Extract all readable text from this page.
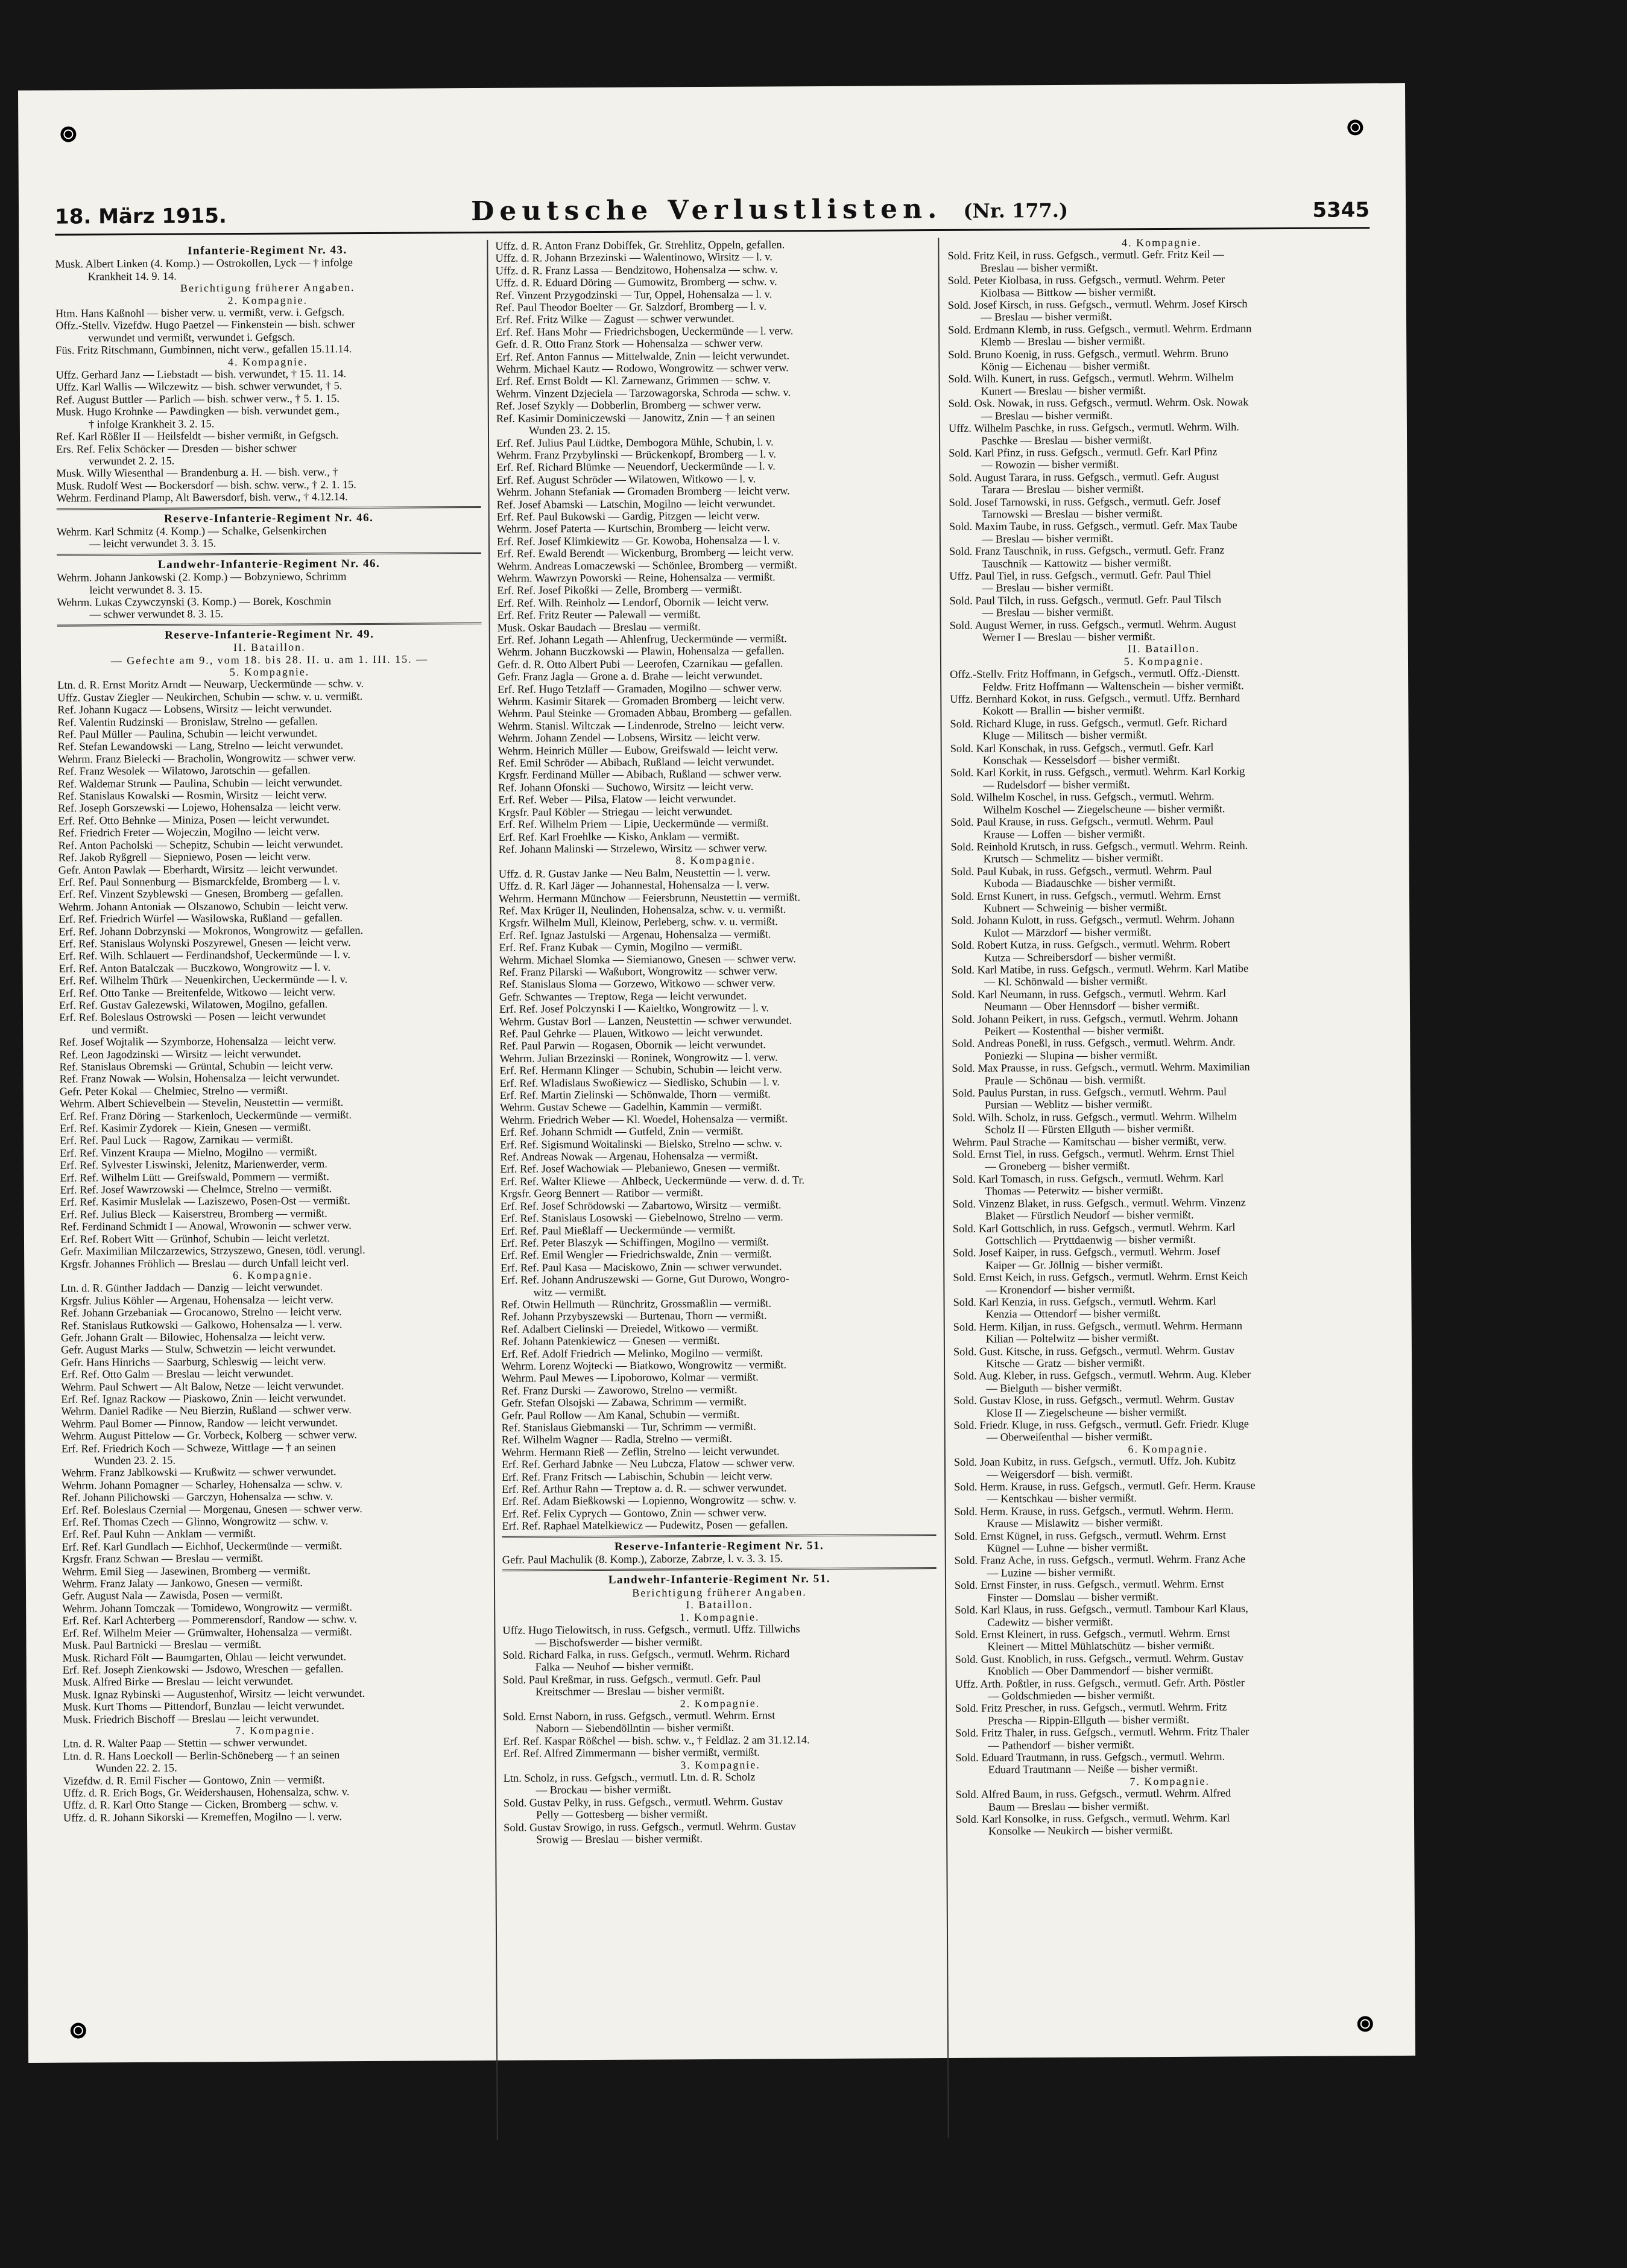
18. März 1915.	Deutsche Verlustlisten. (Nr. 177.)	5345
Infanterie-Regiment Nr. 43.
Musk. Albert Linken (4. Komp.) — Ostrokollen, Lyck — † infolge
Krankheit 14. 9. 14.
Berichtigung früherer Angaben.
2. Kompagnie.
Htm. Hans Kaßnohl — bisher verw. u. vermißt, verw. i. Gefgsch.
Offz.-Stellv. Vizefdw. Hugo Paetzel — Finkenstein — bish. schwer
verwundet und vermißt, verwundet i. Gefgsch.
Füs. Fritz Ritschmann, Gumbinnen, nicht verw., gefallen 15.11.14.
4. Kompagnie.
Uffz. Gerhard Janz — Liebstadt — bish. verwundet, † 15. 11. 14.
Uffz. Karl Wallis — Wilczewitz — bish. schwer verwundet, † 5.
Ref. August Buttler — Parlich — bish. schwer verw., † 5. 1. 15.
Musk. Hugo Krohnke — Pawdingken — bish. verwundet gem.,
† infolge Krankheit 3. 2. 15.
Ref. Karl Rößler II — Heilsfeldt — bisher vermißt, in Gefgsch.
Ers. Ref. Felix Schöcker — Dresden — bisher schwer
verwundet 2. 2. 15.
Musk. Willy Wiesenthal — Brandenburg a. H. — bish. verw., †
Musk. Rudolf West — Bockersdorf — bish. schw. verw., † 2. 1. 15.
Wehrm. Ferdinand Plamp, Alt Bawersdorf, bish. verw., † 4.12.14.
Reserve-Infanterie-Regiment Nr. 46.
Wehrm. Karl Schmitz (4. Komp.) — Schalke, Gelsenkirchen
— leicht verwundet 3. 3. 15.
Landwehr-Infanterie-Regiment Nr. 46.
Wehrm. Johann Jankowski (2. Komp.) — Bobzyniewo, Schrimm
leicht verwundet 8. 3. 15.
Wehrm. Lukas Czywczynski (3. Komp.) — Borek, Koschmin
— schwer verwundet 8. 3. 15.
Reserve-Infanterie-Regiment Nr. 49.
II. Bataillon.
— Gefechte am 9., vom 18. bis 28. II. u. am 1. III. 15. —
5. Kompagnie.
Ltn. d. R. Ernst Moritz Arndt — Neuwarp, Ueckermünde — schw. v.
Uffz. Gustav Ziegler — Neukirchen, Schubin — schw. v. u. vermißt.
Ref. Johann Kugacz — Lobsens, Wirsitz — leicht verwundet.
Ref. Valentin Rudzinski — Bronislaw, Strelno — gefallen.
Ref. Paul Müller — Paulina, Schubin — leicht verwundet.
Ref. Stefan Lewandowski — Lang, Strelno — leicht verwundet.
Wehrm. Franz Bielecki — Bracholin, Wongrowitz — schwer verw.
Ref. Franz Wesolek — Wilatowo, Jarotschin — gefallen.
Ref. Waldemar Strunk — Paulina, Schubin — leicht verwundet.
Ref. Stanislaus Kowalski — Rosmin, Wirsitz — leicht verw.
Ref. Joseph Gorszewski — Lojewo, Hohensalza — leicht verw.
Erf. Ref. Otto Behnke — Miniza, Posen — leicht verwundet.
Ref. Friedrich Freter — Wojeczin, Mogilno — leicht verw.
Ref. Anton Pacholski — Schepitz, Schubin — leicht verwundet.
Ref. Jakob Ryßgrell — Siepniewo, Posen — leicht verw.
Gefr. Anton Pawlak — Eberhardt, Wirsitz — leicht verwundet.
Erf. Ref. Paul Sonnenburg — Bismarckfelde, Bromberg — l. v.
Erf. Ref. Vinzent Szyblewski — Gnesen, Bromberg — gefallen.
Wehrm. Johann Antoniak — Olszanowo, Schubin — leicht verw.
Erf. Ref. Friedrich Würfel — Wasilowska, Rußland — gefallen.
Erf. Ref. Johann Dobrzynski — Mokronos, Wongrowitz — gefallen.
Erf. Ref. Stanislaus Wolynski Poszyrewel, Gnesen — leicht verw.
Erf. Ref. Wilh. Schlauert — Ferdinandshof, Ueckermünde — l. v.
Erf. Ref. Anton Batalczak — Buczkowo, Wongrowitz — l. v.
Erf. Ref. Wilhelm Thürk — Neuenkirchen, Ueckermünde — l. v.
Erf. Ref. Otto Tanke — Breitenfelde, Witkowo — leicht verw.
Erf. Ref. Gustav Galezewski, Wilatowen, Mogilno, gefallen.
Erf. Ref. Boleslaus Ostrowski — Posen — leicht verwundet
und vermißt.
Ref. Josef Wojtalik — Szymborze, Hohensalza — leicht verw.
Ref. Leon Jagodzinski — Wirsitz — leicht verwundet.
Ref. Stanislaus Obremski — Grüntal, Schubin — leicht verw.
Ref. Franz Nowak — Wolsin, Hohensalza — leicht verwundet.
Gefr. Peter Kokal — Chelmiec, Strelno — vermißt.
Wehrm. Albert Schievelbein — Stevelin, Neustettin — vermißt.
Erf. Ref. Franz Döring — Starkenloch, Ueckermünde — vermißt.
Erf. Ref. Kasimir Zydorek — Kiein, Gnesen — vermißt.
Erf. Ref. Paul Luck — Ragow, Zarnikau — vermißt.
Erf. Ref. Vinzent Kraupa — Mielno, Mogilno — vermißt.
Erf. Ref. Sylvester Liswinski, Jelenitz, Marienwerder, verm.
Erf. Ref. Wilhelm Lütt — Greifswald, Pommern — vermißt.
Erf. Ref. Josef Wawrzowski — Chelmce, Strelno — vermißt.
Erf. Ref. Kasimir Muslelak — Laziszewo, Posen-Ost — vermißt.
Erf. Ref. Julius Bleck — Kaiserstreu, Bromberg — vermißt.
Ref. Ferdinand Schmidt I — Anowal, Wrowonin — schwer verw.
Erf. Ref. Robert Witt — Grünhof, Schubin — leicht verletzt.
Gefr. Maximilian Milczarzewics, Strzyszewo, Gnesen, tödl. verungl.
Krgsfr. Johannes Fröhlich — Breslau — durch Unfall leicht verl.
6. Kompagnie.
Ltn. d. R. Günther Jaddach — Danzig — leicht verwundet.
Krgsfr. Julius Köhler — Argenau, Hohensalza — leicht verw.
Ref. Johann Grzebaniak — Grocanowo, Strelno — leicht verw.
Ref. Stanislaus Rutkowski — Galkowo, Hohensalza — l. verw.
Gefr. Johann Gralt — Bilowiec, Hohensalza — leicht verw.
Gefr. August Marks — Stulw, Schwetzin — leicht verwundet.
Gefr. Hans Hinrichs — Saarburg, Schleswig — leicht verw.
Erf. Ref. Otto Galm — Breslau — leicht verwundet.
Wehrm. Paul Schwert — Alt Balow, Netze — leicht verwundet.
Erf. Ref. Ignaz Rackow — Piaskowo, Znin — leicht verwundet.
Wehrm. Daniel Radike — Neu Bierzin, Rußland — schwer verw.
Wehrm. Paul Bomer — Pinnow, Randow — leicht verwundet.
Wehrm. August Pittelow — Gr. Vorbeck, Kolberg — schwer verw.
Erf. Ref. Friedrich Koch — Schweze, Wittlage — † an seinen
Wunden 23. 2. 15.
Wehrm. Franz Jablkowski — Krußwitz — schwer verwundet.
Wehrm. Johann Pomagner — Scharley, Hohensalza — schw. v.
Ref. Johann Pilichowski — Garczyn, Hohensalza — schw. v.
Erf. Ref. Boleslaus Czernial — Morgenau, Gnesen — schwer verw.
Erf. Ref. Thomas Czech — Glinno, Wongrowitz — schw. v.
Erf. Ref. Paul Kuhn — Anklam — vermißt.
Erf. Ref. Karl Gundlach — Eichhof, Ueckermünde — vermißt.
Krgsfr. Franz Schwan — Breslau — vermißt.
Wehrm. Emil Sieg — Jasewinen, Bromberg — vermißt.
Wehrm. Franz Jalaty — Jankowo, Gnesen — vermißt.
Gefr. August Nala — Zawisda, Posen — vermißt.
Wehrm. Johann Tomczak — Tomidewo, Wongrowitz — vermißt.
Erf. Ref. Karl Achterberg — Pommerensdorf, Randow — schw. v.
Erf. Ref. Wilhelm Meier — Grümwalter, Hohensalza — vermißt.
Musk. Paul Bartnicki — Breslau — vermißt.
Musk. Richard Fölt — Baumgarten, Ohlau — leicht verwundet.
Erf. Ref. Joseph Zienkowski — Jsdowo, Wreschen — gefallen.
Musk. Alfred Birke — Breslau — leicht verwundet.
Musk. Ignaz Rybinski — Augustenhof, Wirsitz — leicht verwundet.
Musk. Kurt Thoms — Pittendorf, Bunzlau — leicht verwundet.
Musk. Friedrich Bischoff — Breslau — leicht verwundet.
7. Kompagnie.
Ltn. d. R. Walter Paap — Stettin — schwer verwundet.
Ltn. d. R. Hans Loeckoll — Berlin-Schöneberg — † an seinen
Wunden 22. 2. 15.
Vizefdw. d. R. Emil Fischer — Gontowo, Znin — vermißt.
Uffz. d. R. Erich Bogs, Gr. Weidershausen, Hohensalza, schw. v.
Uffz. d. R. Karl Otto Stange — Cicken, Bromberg — schw. v.
Uffz. d. R. Johann Sikorski — Kremeffen, Mogilno — l. verw.
Uffz. d. R. Anton Franz Dobiffek, Gr. Strehlitz, Oppeln, gefallen.
Uffz. d. R. Johann Brzezinski — Walentinowo, Wirsitz — l. v.
Uffz. d. R. Franz Lassa — Bendzitowo, Hohensalza — schw. v.
Uffz. d. R. Eduard Döring — Gumowitz, Bromberg — schw. v.
Ref. Vinzent Przygodzinski — Tur, Oppel, Hohensalza — l. v.
Ref. Paul Theodor Boelter — Gr. Salzdorf, Bromberg — l. v.
Erf. Ref. Fritz Wilke — Zagust — schwer verwundet.
Erf. Ref. Hans Mohr — Friedrichsbogen, Ueckermünde — l. verw.
Gefr. d. R. Otto Franz Stork — Hohensalza — schwer verw.
Erf. Ref. Anton Fannus — Mittelwalde, Znin — leicht verwundet.
Wehrm. Michael Kautz — Rodowo, Wongrowitz — schwer verw.
Erf. Ref. Ernst Boldt — Kl. Zarnewanz, Grimmen — schw. v.
Wehrm. Vinzent Dzjeciela — Tarzowagorska, Schroda — schw. v.
Ref. Josef Szykly — Dobberlin, Bromberg — schwer verw.
Ref. Kasimir Dominiczewski — Janowitz, Znin — † an seinen
Wunden 23. 2. 15.
Erf. Ref. Julius Paul Lüdtke, Dembogora Mühle, Schubin, l. v.
Wehrm. Franz Przybylinski — Brückenkopf, Bromberg — l. v.
Erf. Ref. Richard Blümke — Neuendorf, Ueckermünde — l. v.
Erf. Ref. August Schröder — Wilatowen, Witkowo — l. v.
Wehrm. Johann Stefaniak — Gromaden Bromberg — leicht verw.
Ref. Josef Abamski — Latschin, Mogilno — leicht verwundet.
Erf. Ref. Paul Bukowski — Gardig, Pitzgen — leicht verw.
Wehrm. Josef Paterta — Kurtschin, Bromberg — leicht verw.
Erf. Ref. Josef Klimkiewitz — Gr. Kowoba, Hohensalza — l. v.
Erf. Ref. Ewald Berendt — Wickenburg, Bromberg — leicht verw.
Wehrm. Andreas Lomaczewski — Schönlee, Bromberg — vermißt.
Wehrm. Wawrzyn Poworski — Reine, Hohensalza — vermißt.
Erf. Ref. Josef Pikoßki — Zelle, Bromberg — vermißt.
Erf. Ref. Wilh. Reinholz — Lendorf, Obornik — leicht verw.
Erf. Ref. Fritz Reuter — Palewall — vermißt.
Musk. Oskar Baudach — Breslau — vermißt.
Erf. Ref. Johann Legath — Ahlenfrug, Ueckermünde — vermißt.
Wehrm. Johann Buczkowski — Plawin, Hohensalza — gefallen.
Gefr. d. R. Otto Albert Pubi — Leerofen, Czarnikau — gefallen.
Gefr. Franz Jagla — Grone a. d. Brahe — leicht verwundet.
Erf. Ref. Hugo Tetzlaff — Gramaden, Mogilno — schwer verw.
Wehrm. Kasimir Sitarek — Gromaden Bromberg — leicht verw.
Wehrm. Paul Steinke — Gromaden Abbau, Bromberg — gefallen.
Wehrm. Stanisl. Wiltczak — Lindenrode, Strelno — leicht verw.
Wehrm. Johann Zendel — Lobsens, Wirsitz — leicht verw.
Wehrm. Heinrich Müller — Eubow, Greifswald — leicht verw.
Ref. Emil Schröder — Abibach, Rußland — leicht verwundet.
Krgsfr. Ferdinand Müller — Abibach, Rußland — schwer verw.
Ref. Johann Ofonski — Suchowo, Wirsitz — leicht verw.
Erf. Ref. Weber — Pilsa, Flatow — leicht verwundet.
Krgsfr. Paul Köbler — Striegau — leicht verwundet.
Erf. Ref. Wilhelm Priem — Lipie, Ueckermünde — vermißt.
Erf. Ref. Karl Froehlke — Kisko, Anklam — vermißt.
Ref. Johann Malinski — Strzelewo, Wirsitz — schwer verw.
8. Kompagnie.
Uffz. d. R. Gustav Janke — Neu Balm, Neustettin — l. verw.
Uffz. d. R. Karl Jäger — Johannestal, Hohensalza — l. verw.
Wehrm. Hermann Münchow — Feiersbrunn, Neustettin — vermißt.
Ref. Max Krüger II, Neulinden, Hohensalza, schw. v. u. vermißt.
Krgsfr. Wilhelm Mull, Kleinow, Perleberg, schw. v. u. vermißt.
Erf. Ref. Ignaz Jastulski — Argenau, Hohensalza — vermißt.
Erf. Ref. Franz Kubak — Cymin, Mogilno — vermißt.
Wehrm. Michael Slomka — Siemianowo, Gnesen — schwer verw.
Ref. Franz Pilarski — Waßubort, Wongrowitz — schwer verw.
Ref. Stanislaus Sloma — Gorzewo, Witkowo — schwer verw.
Gefr. Schwantes — Treptow, Rega — leicht verwundet.
Erf. Ref. Josef Polczynski I — Kaieltko, Wongrowitz — l. v.
Wehrm. Gustav Borl — Lanzen, Neustettin — schwer verwundet.
Ref. Paul Gehrke — Plauen, Witkowo — leicht verwundet.
Ref. Paul Parwin — Rogasen, Obornik — leicht verwundet.
Wehrm. Julian Brzezinski — Roninek, Wongrowitz — l. verw.
Erf. Ref. Hermann Klinger — Schubin, Schubin — leicht verw.
Erf. Ref. Wladislaus Swoßiewicz — Siedlisko, Schubin — l. v.
Erf. Ref. Martin Zielinski — Schönwalde, Thorn — vermißt.
Wehrm. Gustav Schewe — Gadelhin, Kammin — vermißt.
Wehrm. Friedrich Weber — Kl. Woedel, Hohensalza — vermißt.
Erf. Ref. Johann Schmidt — Gutfeld, Znin — vermißt.
Erf. Ref. Sigismund Woitalinski — Bielsko, Strelno — schw. v.
Ref. Andreas Nowak — Argenau, Hohensalza — vermißt.
Erf. Ref. Josef Wachowiak — Plebaniewo, Gnesen — vermißt.
Erf. Ref. Walter Kliewe — Ahlbeck, Ueckermünde — verw. d. d. Tr.
Krgsfr. Georg Bennert — Ratibor — vermißt.
Erf. Ref. Josef Schrödowski — Zabartowo, Wirsitz — vermißt.
Erf. Ref. Stanislaus Losowski — Giebelnowo, Strelno — verm.
Erf. Ref. Paul Mießlaff — Ueckermünde — vermißt.
Erf. Ref. Peter Blaszyk — Schiffingen, Mogilno — vermißt.
Erf. Ref. Emil Wengler — Friedrichswalde, Znin — vermißt.
Erf. Ref. Paul Kasa — Maciskowo, Znin — schwer verwundet.
Erf. Ref. Johann Andruszewski — Gorne, Gut Durowo, Wongro-
witz — vermißt.
Ref. Otwin Hellmuth — Rünchritz, Grossmaßlin — vermißt.
Ref. Johann Przybyszewski — Burtenau, Thorn — vermißt.
Ref. Adalbert Cielinski — Dreiedel, Witkowo — vermißt.
Ref. Johann Patenkiewicz — Gnesen — vermißt.
Erf. Ref. Adolf Friedrich — Melinko, Mogilno — vermißt.
Wehrm. Lorenz Wojtecki — Biatkowo, Wongrowitz — vermißt.
Wehrm. Paul Mewes — Lipoborowo, Kolmar — vermißt.
Ref. Franz Durski — Zaworowo, Strelno — vermißt.
Gefr. Stefan Olsojski — Zabawa, Schrimm — vermißt.
Gefr. Paul Rollow — Am Kanal, Schubin — vermißt.
Ref. Stanislaus Giebmanski — Tur, Schrimm — vermißt.
Ref. Wilhelm Wagner — Radla, Strelno — vermißt.
Wehrm. Hermann Rieß — Zeflin, Strelno — leicht verwundet.
Erf. Ref. Gerhard Jabnke — Neu Lubcza, Flatow — schwer verw.
Erf. Ref. Franz Fritsch — Labischin, Schubin — leicht verw.
Erf. Ref. Arthur Rahn — Treptow a. d. R. — schwer verwundet.
Erf. Ref. Adam Bießkowski — Lopienno, Wongrowitz — schw. v.
Erf. Ref. Felix Cyprych — Gontowo, Znin — schwer verw.
Erf. Ref. Raphael Matelkiewicz — Pudewitz, Posen — gefallen.
Reserve-Infanterie-Regiment Nr. 51.
Gefr. Paul Machulik (8. Komp.), Zaborze, Zabrze, l. v. 3. 3. 15.
Landwehr-Infanterie-Regiment Nr. 51.
Berichtigung früherer Angaben.
I. Bataillon.
1. Kompagnie.
Uffz. Hugo Tielowitsch, in russ. Gefgsch., vermutl. Uffz. Tillwichs
— Bischofswerder — bisher vermißt.
Sold. Richard Falka, in russ. Gefgsch., vermutl. Wehrm. Richard
Falka — Neuhof — bisher vermißt.
Sold. Paul Kreßmar, in russ. Gefgsch., vermutl. Gefr. Paul
Kreitschmer — Breslau — bisher vermißt.
2. Kompagnie.
Sold. Ernst Naborn, in russ. Gefgsch., vermutl. Wehrm. Ernst
Naborn — Siebendöllntin — bisher vermißt.
Erf. Ref. Kaspar Rößchel — bish. schw. v., † Feldlaz. 2 am 31.12.14.
Erf. Ref. Alfred Zimmermann — bisher vermißt, vermißt.
3. Kompagnie.
Ltn. Scholz, in russ. Gefgsch., vermutl. Ltn. d. R. Scholz
— Brockau — bisher vermißt.
Sold. Gustav Pelky, in russ. Gefgsch., vermutl. Wehrm. Gustav
Pelly — Gottesberg — bisher vermißt.
Sold. Gustav Srowigo, in russ. Gefgsch., vermutl. Wehrm. Gustav
Srowig — Breslau — bisher vermißt.
4. Kompagnie.
Sold. Fritz Keil, in russ. Gefgsch., vermutl. Gefr. Fritz Keil —
Breslau — bisher vermißt.
Sold. Peter Kiolbasa, in russ. Gefgsch., vermutl. Wehrm. Peter
Kiolbasa — Bittkow — bisher vermißt.
Sold. Josef Kirsch, in russ. Gefgsch., vermutl. Wehrm. Josef Kirsch
— Breslau — bisher vermißt.
Sold. Erdmann Klemb, in russ. Gefgsch., vermutl. Wehrm. Erdmann
Klemb — Breslau — bisher vermißt.
Sold. Bruno Koenig, in russ. Gefgsch., vermutl. Wehrm. Bruno
König — Eichenau — bisher vermißt.
Sold. Wilh. Kunert, in russ. Gefgsch., vermutl. Wehrm. Wilhelm
Kunert — Breslau — bisher vermißt.
Sold. Osk. Nowak, in russ. Gefgsch., vermutl. Wehrm. Osk. Nowak
— Breslau — bisher vermißt.
Uffz. Wilhelm Paschke, in russ. Gefgsch., vermutl. Wehrm. Wilh.
Paschke — Breslau — bisher vermißt.
Sold. Karl Pfinz, in russ. Gefgsch., vermutl. Gefr. Karl Pfinz
— Rowozin — bisher vermißt.
Sold. August Tarara, in russ. Gefgsch., vermutl. Gefr. August
Tarara — Breslau — bisher vermißt.
Sold. Josef Tarnowski, in russ. Gefgsch., vermutl. Gefr. Josef
Tarnowski — Breslau — bisher vermißt.
Sold. Maxim Taube, in russ. Gefgsch., vermutl. Gefr. Max Taube
— Breslau — bisher vermißt.
Sold. Franz Tauschnik, in russ. Gefgsch., vermutl. Gefr. Franz
Tauschnik — Kattowitz — bisher vermißt.
Uffz. Paul Tiel, in russ. Gefgsch., vermutl. Gefr. Paul Thiel
— Breslau — bisher vermißt.
Sold. Paul Tilch, in russ. Gefgsch., vermutl. Gefr. Paul Tilsch
— Breslau — bisher vermißt.
Sold. August Werner, in russ. Gefgsch., vermutl. Wehrm. August
Werner I — Breslau — bisher vermißt.
II. Bataillon.
5. Kompagnie.
Offz.-Stellv. Fritz Hoffmann, in Gefgsch., vermutl. Offz.-Dienstt.
Feldw. Fritz Hoffmann — Waltenschein — bisher vermißt.
Uffz. Bernhard Kokot, in russ. Gefgsch., vermutl. Uffz. Bernhard
Kokott — Brallin — bisher vermißt.
Sold. Richard Kluge, in russ. Gefgsch., vermutl. Gefr. Richard
Kluge — Militsch — bisher vermißt.
Sold. Karl Konschak, in russ. Gefgsch., vermutl. Gefr. Karl
Konschak — Kesselsdorf — bisher vermißt.
Sold. Karl Korkit, in russ. Gefgsch., vermutl. Wehrm. Karl Korkig
— Rudelsdorf — bisher vermißt.
Sold. Wilhelm Koschel, in russ. Gefgsch., vermutl. Wehrm.
Wilhelm Koschel — Ziegelscheune — bisher vermißt.
Sold. Paul Krause, in russ. Gefgsch., vermutl. Wehrm. Paul
Krause — Loffen — bisher vermißt.
Sold. Reinhold Krutsch, in russ. Gefgsch., vermutl. Wehrm. Reinh.
Krutsch — Schmelitz — bisher vermißt.
Sold. Paul Kubak, in russ. Gefgsch., vermutl. Wehrm. Paul
Kuboda — Biadauschke — bisher vermißt.
Sold. Ernst Kunert, in russ. Gefgsch., vermutl. Wehrm. Ernst
Kubnert — Schweinig — bisher vermißt.
Sold. Johann Kulott, in russ. Gefgsch., vermutl. Wehrm. Johann
Kulot — Märzdorf — bisher vermißt.
Sold. Robert Kutza, in russ. Gefgsch., vermutl. Wehrm. Robert
Kutza — Schreibersdorf — bisher vermißt.
Sold. Karl Matibe, in russ. Gefgsch., vermutl. Wehrm. Karl Matibe
— Kl. Schönwald — bisher vermißt.
Sold. Karl Neumann, in russ. Gefgsch., vermutl. Wehrm. Karl
Neumann — Ober Hennsdorf — bisher vermißt.
Sold. Johann Peikert, in russ. Gefgsch., vermutl. Wehrm. Johann
Peikert — Kostenthal — bisher vermißt.
Sold. Andreas Poneßl, in russ. Gefgsch., vermutl. Wehrm. Andr.
Poniezki — Slupina — bisher vermißt.
Sold. Max Prausse, in russ. Gefgsch., vermutl. Wehrm. Maximilian
Praule — Schönau — bish. vermißt.
Sold. Paulus Purstan, in russ. Gefgsch., vermutl. Wehrm. Paul
Pursian — Weblitz — bisher vermißt.
Sold. Wilh. Scholz, in russ. Gefgsch., vermutl. Wehrm. Wilhelm
Scholz II — Fürsten Ellguth — bisher vermißt.
Wehrm. Paul Strache — Kamitschau — bisher vermißt, verw.
Sold. Ernst Tiel, in russ. Gefgsch., vermutl. Wehrm. Ernst Thiel
— Groneberg — bisher vermißt.
Sold. Karl Tomasch, in russ. Gefgsch., vermutl. Wehrm. Karl
Thomas — Peterwitz — bisher vermißt.
Sold. Vinzenz Blaket, in russ. Gefgsch., vermutl. Wehrm. Vinzenz
Blaket — Fürstlich Neudorf — bisher vermißt.
Sold. Karl Gottschlich, in russ. Gefgsch., vermutl. Wehrm. Karl
Gottschlich — Pryttdaenwig — bisher vermißt.
Sold. Josef Kaiper, in russ. Gefgsch., vermutl. Wehrm. Josef
Kaiper — Gr. Jöllnig — bisher vermißt.
Sold. Ernst Keich, in russ. Gefgsch., vermutl. Wehrm. Ernst Keich
— Kronendorf — bisher vermißt.
Sold. Karl Kenzia, in russ. Gefgsch., vermutl. Wehrm. Karl
Kenzia — Ottendorf — bisher vermißt.
Sold. Herm. Kiljan, in russ. Gefgsch., vermutl. Wehrm. Hermann
Kilian — Poltelwitz — bisher vermißt.
Sold. Gust. Kitsche, in russ. Gefgsch., vermutl. Wehrm. Gustav
Kitsche — Gratz — bisher vermißt.
Sold. Aug. Kleber, in russ. Gefgsch., vermutl. Wehrm. Aug. Kleber
— Bielguth — bisher vermißt.
Sold. Gustav Klose, in russ. Gefgsch., vermutl. Wehrm. Gustav
Klose II — Ziegelscheune — bisher vermißt.
Sold. Friedr. Kluge, in russ. Gefgsch., vermutl. Gefr. Friedr. Kluge
— Oberweiſenthal — bisher vermißt.
6. Kompagnie.
Sold. Joan Kubitz, in russ. Gefgsch., vermutl. Uffz. Joh. Kubitz
— Weigersdorf — bish. vermißt.
Sold. Herm. Krause, in russ. Gefgsch., vermutl. Gefr. Herm. Krause
— Kentschkau — bisher vermißt.
Sold. Herm. Krause, in russ. Gefgsch., vermutl. Wehrm. Herm.
Krause — Mislawitz — bisher vermißt.
Sold. Ernst Kügnel, in russ. Gefgsch., vermutl. Wehrm. Ernst
Kügnel — Luhne — bisher vermißt.
Sold. Franz Ache, in russ. Gefgsch., vermutl. Wehrm. Franz Ache
— Luzine — bisher vermißt.
Sold. Ernst Finster, in russ. Gefgsch., vermutl. Wehrm. Ernst
Finster — Domslau — bisher vermißt.
Sold. Karl Klaus, in russ. Gefgsch., vermutl. Tambour Karl Klaus,
Cadewitz — bisher vermißt.
Sold. Ernst Kleinert, in russ. Gefgsch., vermutl. Wehrm. Ernst
Kleinert — Mittel Mühlatschütz — bisher vermißt.
Sold. Gust. Knoblich, in russ. Gefgsch., vermutl. Wehrm. Gustav
Knoblich — Ober Dammendorf — bisher vermißt.
Uffz. Arth. Poßtler, in russ. Gefgsch., vermutl. Gefr. Arth. Pöstler
— Goldschmieden — bisher vermißt.
Sold. Fritz Prescher, in russ. Gefgsch., vermutl. Wehrm. Fritz
Prescha — Rippin-Ellguth — bisher vermißt.
Sold. Fritz Thaler, in russ. Gefgsch., vermutl. Wehrm. Fritz Thaler
— Pathendorf — bisher vermißt.
Sold. Eduard Trautmann, in russ. Gefgsch., vermutl. Wehrm.
Eduard Trautmann — Neiße — bisher vermißt.
7. Kompagnie.
Sold. Alfred Baum, in russ. Gefgsch., vermutl. Wehrm. Alfred
Baum — Breslau — bisher vermißt.
Sold. Karl Konsolke, in russ. Gefgsch., vermutl. Wehrm. Karl
Konsolke — Neukirch — bisher vermißt.
